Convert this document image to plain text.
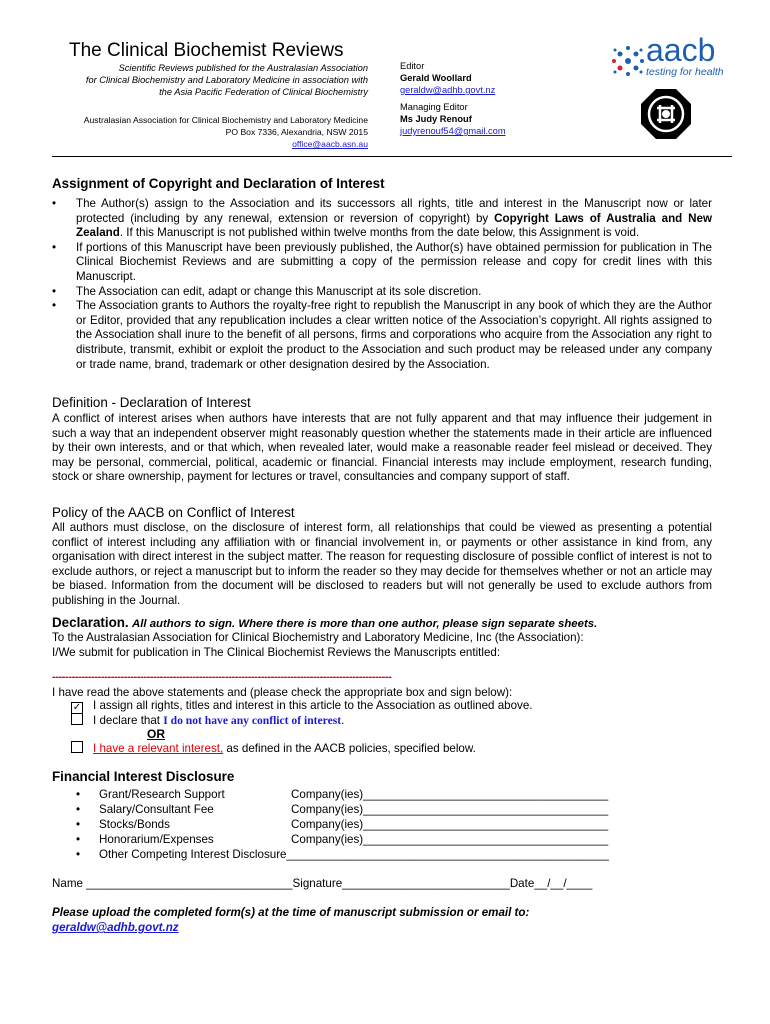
The Clinical Biochemist Reviews
Scientific Reviews published for the Australasian Association
for Clinical Biochemistry and Laboratory Medicine in association with
the Asia Pacific Federation of Clinical Biochemistry
Australasian Association for Clinical Biochemistry and Laboratory Medicine
PO Box 7336, Alexandria, NSW 2015
office@aacb.asn.au
Editor
Gerald Woollard
geraldw@adhb.govt.nz
Managing Editor
Ms Judy Renouf
judyrenouf54@gmail.com
aacb
testing for health
Assignment of Copyright and Declaration of Interest
• The Author(s) assign to the Association and its successors all rights, title and interest in the Manuscript now or later protected (including by any renewal, extension or reversion of copyright) by Copyright Laws of Australia and New Zealand. If this Manuscript is not published within twelve months from the date below, this Assignment is void.
• If portions of this Manuscript have been previously published, the Author(s) have obtained permission for publication in The Clinical Biochemist Reviews and are submitting a copy of the permission release and copy for credit lines with this Manuscript.
• The Association can edit, adapt or change this Manuscript at its sole discretion.
• The Association grants to Authors the royalty-free right to republish the Manuscript in any book of which they are the Author or Editor, provided that any republication includes a clear written notice of the Association’s copyright. All rights assigned to the Association shall inure to the benefit of all persons, firms and corporations who acquire from the Association any right to distribute, transmit, exhibit or exploit the product to the Association and such product may be released under any company or trade name, brand, trademark or other designation desired by the Association.
Definition - Declaration of Interest
A conflict of interest arises when authors have interests that are not fully apparent and that may influence their judgement in such a way that an independent observer might reasonably question whether the statements made in their article are influenced by their own interests, and or that which, when revealed later, would make a reasonable reader feel mislead or deceived. They may be personal, commercial, political, academic or financial. Financial interests may include employment, research funding, stock or share ownership, payment for lectures or travel, consultancies and company support of staff.
Policy of the AACB on Conflict of Interest
All authors must disclose, on the disclosure of interest form, all relationships that could be viewed as presenting a potential conflict of interest including any affiliation with or financial involvement in, or payments or other assistance in kind from, any organisation with direct interest in the subject matter. The reason for requesting disclosure of possible conflict of interest is not to exclude authors, or reject a manuscript but to inform the reader so they may decide for themselves whether or not an article may be biased. Information from the document will be disclosed to readers but will not generally be used to exclude authors from publishing in the Journal.
Declaration. All authors to sign. Where there is more than one author, please sign separate sheets.
To the Australasian Association for Clinical Biochemistry and Laboratory Medicine, Inc (the Association):
I/We submit for publication in The Clinical Biochemist Reviews the Manuscripts entitled:
--------------------------------------------------------------------------------------------------------
I have read the above statements and (please check the appropriate box and sign below):
✓ I assign all rights, titles and interest in this article to the Association as outlined above.
I declare that I do not have any conflict of interest.
OR
I have a relevant interest, as defined in the AACB policies, specified below.
Financial Interest Disclosure
• Grant/Research Support	Company(ies)______________________________________
• Salary/Consultant Fee	Company(ies)______________________________________
• Stocks/Bonds	Company(ies)______________________________________
• Honorarium/Expenses	Company(ies)______________________________________
• Other Competing Interest Disclosure__________________________________________________
Name ________________________________Signature__________________________Date__/__/____
Please upload the completed form(s) at the time of manuscript submission or email to:
geraldw@adhb.govt.nz
